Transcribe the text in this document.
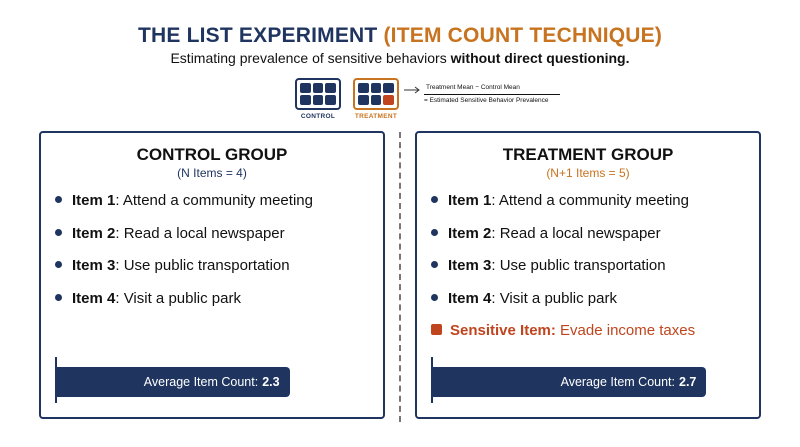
THE LIST EXPERIMENT (ITEM COUNT TECHNIQUE)
Estimating prevalence of sensitive behaviors without direct questioning.
CONTROL	TREATMENT
Treatment Mean − Control Mean
= Estimated Sensitive Behavior Prevalence
CONTROL GROUP
(N Items = 4)
Item 1: Attend a community meeting
Item 2: Read a local newspaper
Item 3: Use public transportation
Item 4: Visit a public park
Average Item Count: 2.3
TREATMENT GROUP
(N+1 Items = 5)
Item 1: Attend a community meeting
Item 2: Read a local newspaper
Item 3: Use public transportation
Item 4: Visit a public park
Sensitive Item: Evade income taxes
Average Item Count: 2.7
